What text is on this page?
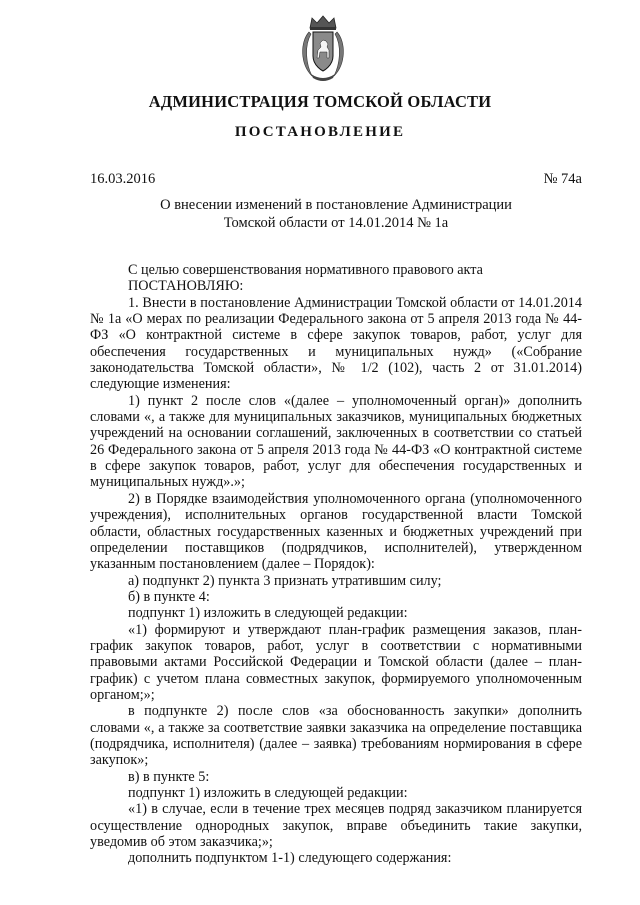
АДМИНИСТРАЦИЯ ТОМСКОЙ ОБЛАСТИ
ПОСТАНОВЛЕНИЕ
16.03.2016	№ 74а
О внесении изменений в постановление Администрации
Томской области от 14.01.2014 № 1а

С целью совершенствования нормативного правового акта

ПОСТАНОВЛЯЮ:

1. Внести в постановление Администрации Томской области от 14.01.2014 № 1а «О мерах по реализации Федерального закона от 5 апреля 2013 года № 44-ФЗ «О контрактной системе в сфере закупок товаров, работ, услуг для обеспечения государственных и муниципальных нужд» («Собрание законодательства Томской области», № 1/2 (102), часть 2 от 31.01.2014) следующие изменения:

1) пункт 2 после слов «(далее – уполномоченный орган)» дополнить словами «, а также для муниципальных заказчиков, муниципальных бюджетных учреждений на основании соглашений, заключенных в соответствии со статьей 26 Федерального закона от 5 апреля 2013 года № 44-ФЗ «О контрактной системе в сфере закупок товаров, работ, услуг для обеспечения государственных и муниципальных нужд».»;

2) в Порядке взаимодействия уполномоченного органа (уполномоченного учреждения), исполнительных органов государственной власти Томской области, областных государственных казенных и бюджетных учреждений при определении поставщиков (подрядчиков, исполнителей), утвержденном указанным постановлением (далее – Порядок):

а) подпункт 2) пункта 3 признать утратившим силу;

б) в пункте 4:

подпункт 1) изложить в следующей редакции:

«1) формируют и утверждают план-график размещения заказов, план-график закупок товаров, работ, услуг в соответствии с нормативными правовыми актами Российской Федерации и Томской области (далее – план-график) с учетом плана совместных закупок, формируемого уполномоченным органом;»;

в подпункте 2) после слов «за обоснованность закупки» дополнить словами «, а также за соответствие заявки заказчика на определение поставщика (подрядчика, исполнителя) (далее – заявка) требованиям нормирования в сфере закупок»;

в) в пункте 5:

подпункт 1) изложить в следующей редакции:

«1) в случае, если в течение трех месяцев подряд заказчиком планируется осуществление однородных закупок, вправе объединить такие закупки, уведомив об этом заказчика;»;

дополнить подпунктом 1-1) следующего содержания:
